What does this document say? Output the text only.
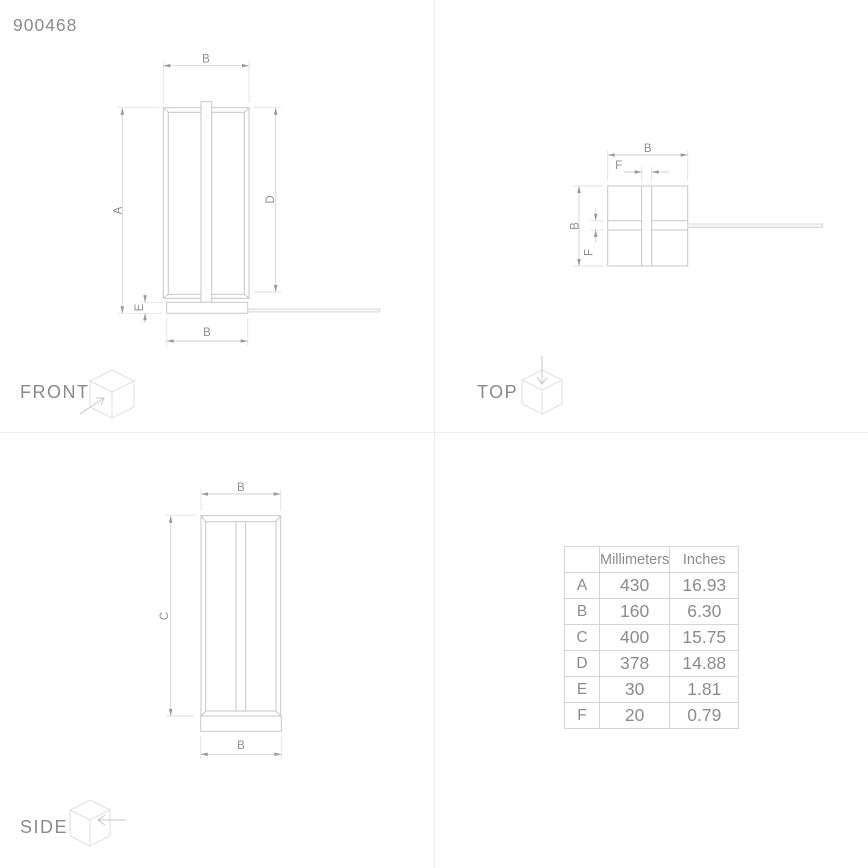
900468
B
A
D
E
B
B
F
B
F
B
C
B
FRONT	TOP
SIDE
	Millimeters	Inches
A	430	16.93
B	160	6.30
C	400	15.75
D	378	14.88
E	30	1.81
F	20	0.79
